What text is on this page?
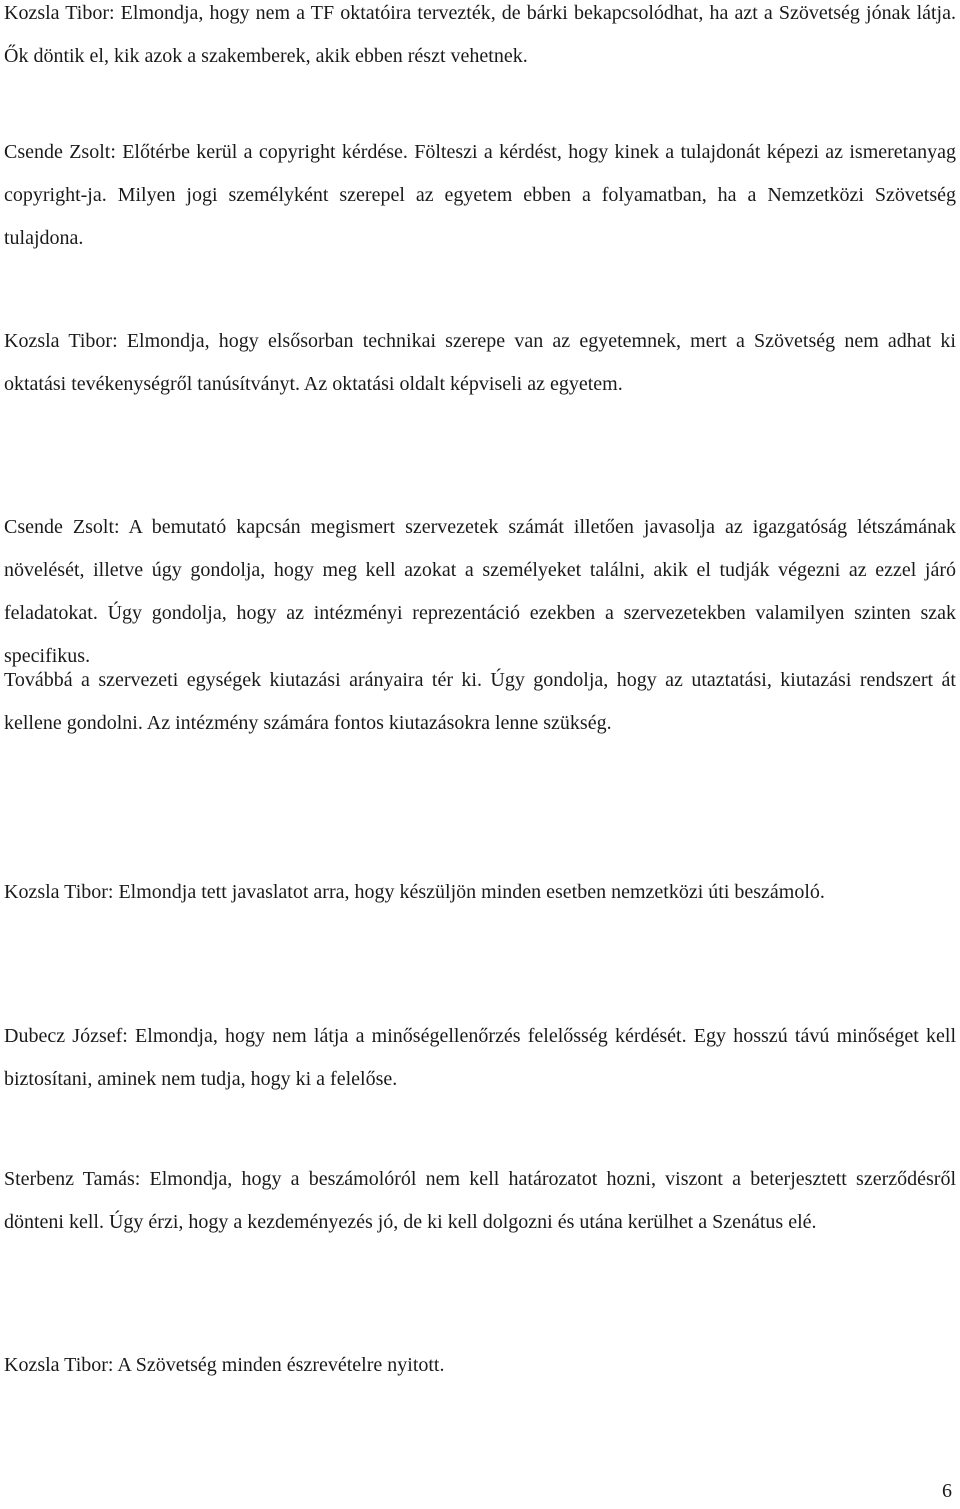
Kozsla Tibor: Elmondja, hogy nem a TF oktatóira tervezték, de bárki bekapcsolódhat, ha azt a Szövetség jónak látja. Ők döntik el, kik azok a szakemberek, akik ebben részt vehetnek.

Csende Zsolt: Előtérbe kerül a copyright kérdése. Fölteszi a kérdést, hogy kinek a tulajdonát képezi az ismeretanyag copyright-ja. Milyen jogi személyként szerepel az egyetem ebben a folyamatban, ha a Nemzetközi Szövetség tulajdona.

Kozsla Tibor: Elmondja, hogy elsősorban technikai szerepe van az egyetemnek, mert a Szövetség nem adhat ki oktatási tevékenységről tanúsítványt. Az oktatási oldalt képviseli az egyetem.

Csende Zsolt: A bemutató kapcsán megismert szervezetek számát illetően javasolja az igazgatóság létszámának növelését, illetve úgy gondolja, hogy meg kell azokat a személyeket találni, akik el tudják végezni az ezzel járó feladatokat. Úgy gondolja, hogy az intézményi reprezentáció ezekben a szervezetekben valamilyen szinten szak specifikus.

Továbbá a szervezeti egységek kiutazási arányaira tér ki. Úgy gondolja, hogy az utaztatási, kiutazási rendszert át kellene gondolni. Az intézmény számára fontos kiutazásokra lenne szükség.

Kozsla Tibor: Elmondja tett javaslatot arra, hogy készüljön minden esetben nemzetközi úti beszámoló.

Dubecz József: Elmondja, hogy nem látja a minőségellenőrzés felelősség kérdését. Egy hosszú távú minőséget kell biztosítani, aminek nem tudja, hogy ki a felelőse.

Sterbenz Tamás: Elmondja, hogy a beszámolóról nem kell határozatot hozni, viszont a beterjesztett szerződésről dönteni kell. Úgy érzi, hogy a kezdeményezés jó, de ki kell dolgozni és utána kerülhet a Szenátus elé.

Kozsla Tibor: A Szövetség minden észrevételre nyitott.

6
